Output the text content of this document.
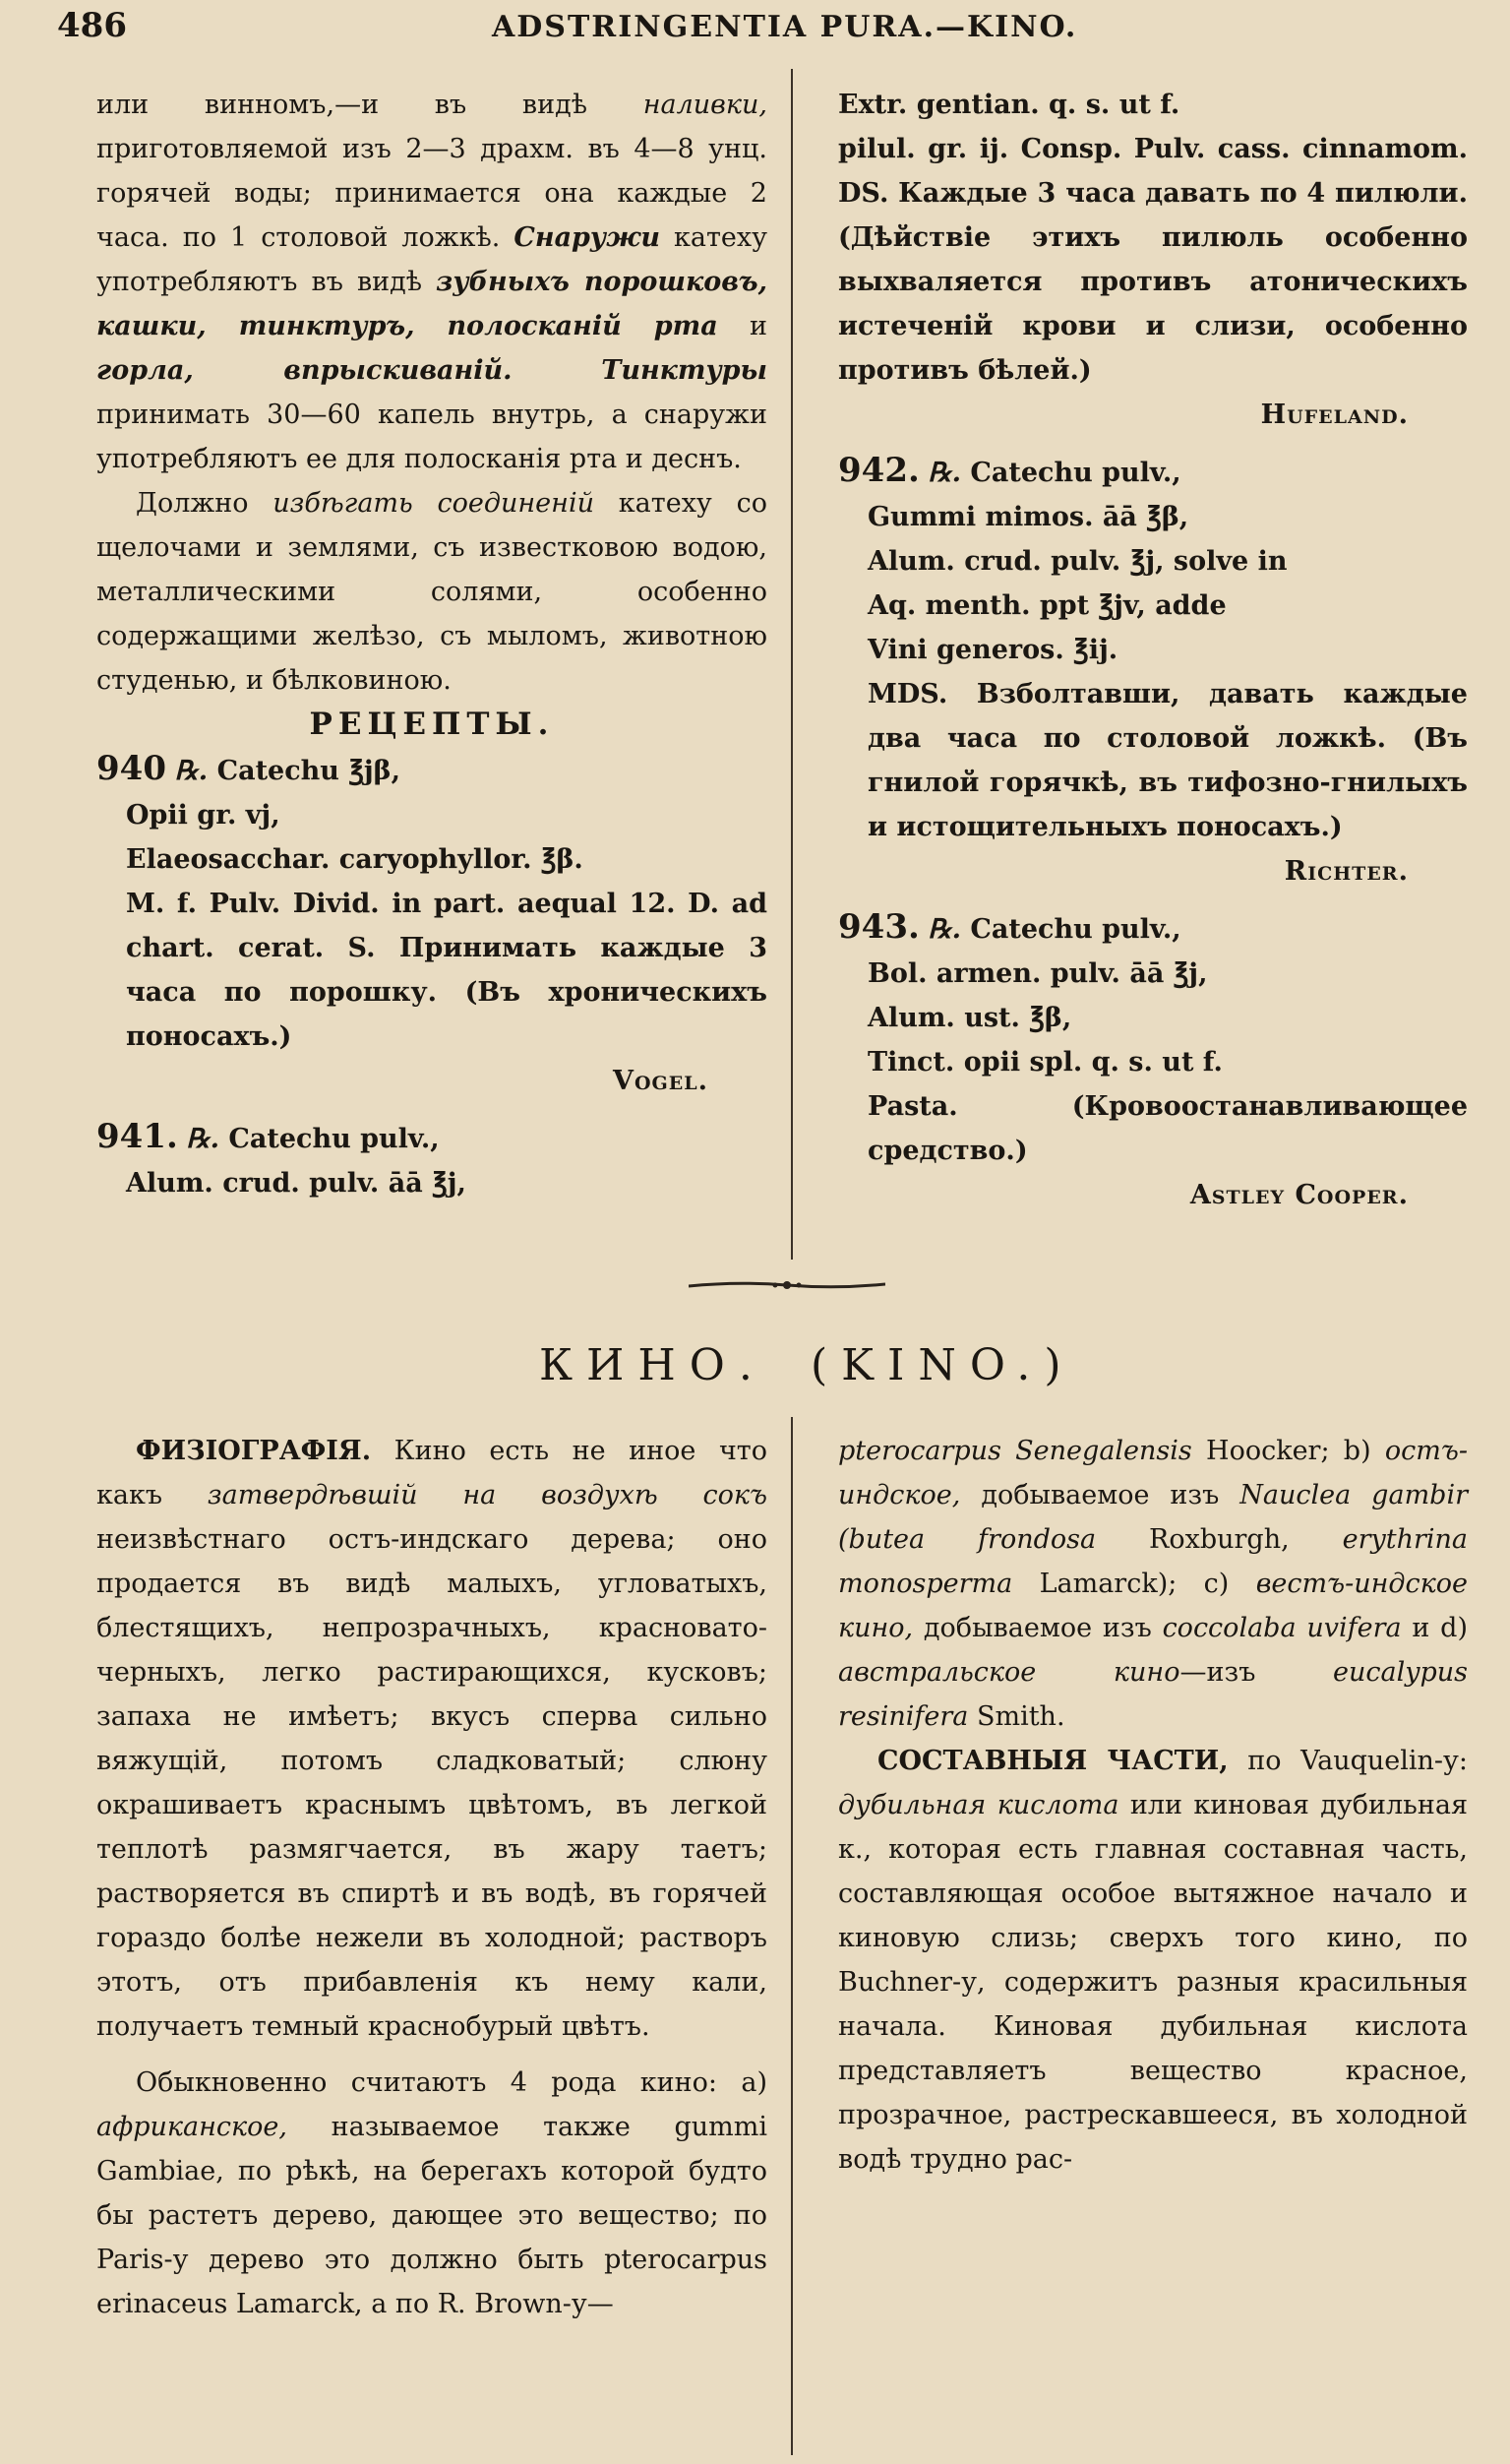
486	ADSTRINGENTIA PURA.—KINO.

или винномъ,—и въ видѣ наливки, приготовляемой изъ 2—3 драхм. въ 4—8 унц. горячей воды; принимается она каждые 2 часа. по 1 столовой ложкѣ. Снаружи катеху употребляютъ въ видѣ зубныхъ порошковъ, кашки, тинктуръ, полосканій рта и горла, впрыскиваній.	Тинктуры принимать 30—60 капель внутрь, а снаружи употребляютъ ее для полосканія рта и деснъ.

Должно избѣгать соединеній катеху со щелочами и землями, съ известковою водою, металлическими солями, особенно содержащими желѣзо, съ мыломъ, животною студенью, и бѣлковиною.

РЕЦЕПТЫ.

940 ℞. Catechu ℥jβ,
Opii gr. vj,
Elaeosacchar. caryophyllor. ℥β.
M. f. Pulv. Divid. in part. aequal 12. D. ad chart. cerat. S. Принимать каждые 3 часа по порошку. (Въ хроническихъ поносахъ.)
Vogel.
941. ℞. Catechu pulv.,
Alum. crud. pulv. āā ℥j,
Extr. gentian. q. s. ut f.
pilul. gr. ij. Consp. Pulv. cass. cinnamom. DS. Каждые 3 часа давать по 4 пилюли. (Дѣйствіе этихъ пилюль особенно выхваляется противъ атоническихъ истеченій крови и слизи, особенно противъ бѣлей.)
Hufeland.
942. ℞. Catechu pulv.,
Gummi mimos. āā ℥β,
Alum. crud. pulv. ℥j, solve in
Aq. menth. ppt ℥jv, adde
Vini generos. ℥ij.
MDS. Взболтавши, давать каждые два часа по столовой ложкѣ. (Въ гнилой горячкѣ, въ тифозно-гнилыхъ и истощительныхъ поносахъ.)
Richter.
943. ℞. Catechu pulv.,
Bol. armen. pulv. āā ℥j,
Alum. ust. ℥β,
Tinct. opii spl. q. s. ut f.
Pasta. (Кровоостанавливающее средство.)
Astley Cooper.
КИНО. (KINO.)

ФИЗІОГРАФІЯ. Кино есть не иное что какъ затвердѣвшій на воздухѣ сокъ неизвѣстнаго остъ-индскаго дерева; оно продается въ видѣ малыхъ, угловатыхъ, блестящихъ, непрозрачныхъ, красновато-черныхъ, легко растирающихся, кусковъ; запаха не имѣетъ; вкусъ сперва сильно вяжущій, потомъ сладковатый; слюну окрашиваетъ краснымъ цвѣтомъ, въ легкой теплотѣ размягчается, въ жару таетъ; растворяется въ спиртѣ и въ водѣ, въ горячей гораздо болѣе нежели въ холодной; растворъ этотъ, отъ прибавленія къ нему кали, получаетъ темный краснобурый цвѣтъ.

Обыкновенно считаютъ 4 рода кино: a) африканское, называемое также gummi Gambiae, по рѣкѣ, на берегахъ которой будто бы растетъ дерево, дающее это вещество; по Paris-у дерево это должно быть pterocarpus erinaceus Lamarck, а по R. Brown-у—

pterocarpus Senegalensis Hoocker; b) остъ-индское, добываемое изъ Nauclea gambir (butea frondosa Roxburgh, erythrina monosperma Lamarck); c) вестъ-индское кино, добываемое изъ coccolaba uvifera и d) австральское кино—изъ eucalypus resinifera Smith.

СОСТАВНЫЯ ЧАСТИ, по Vauquelin-у: дубильная кислота или киновая дубильная к., которая есть главная составная часть, составляющая особое вытяжное начало и киновую слизь; сверхъ того кино, по Buchner-у, содержитъ разныя красильныя начала. Киновая дубильная кислота представляетъ вещество красное, прозрачное, растрескавшееся, въ холодной водѣ трудно рас-
